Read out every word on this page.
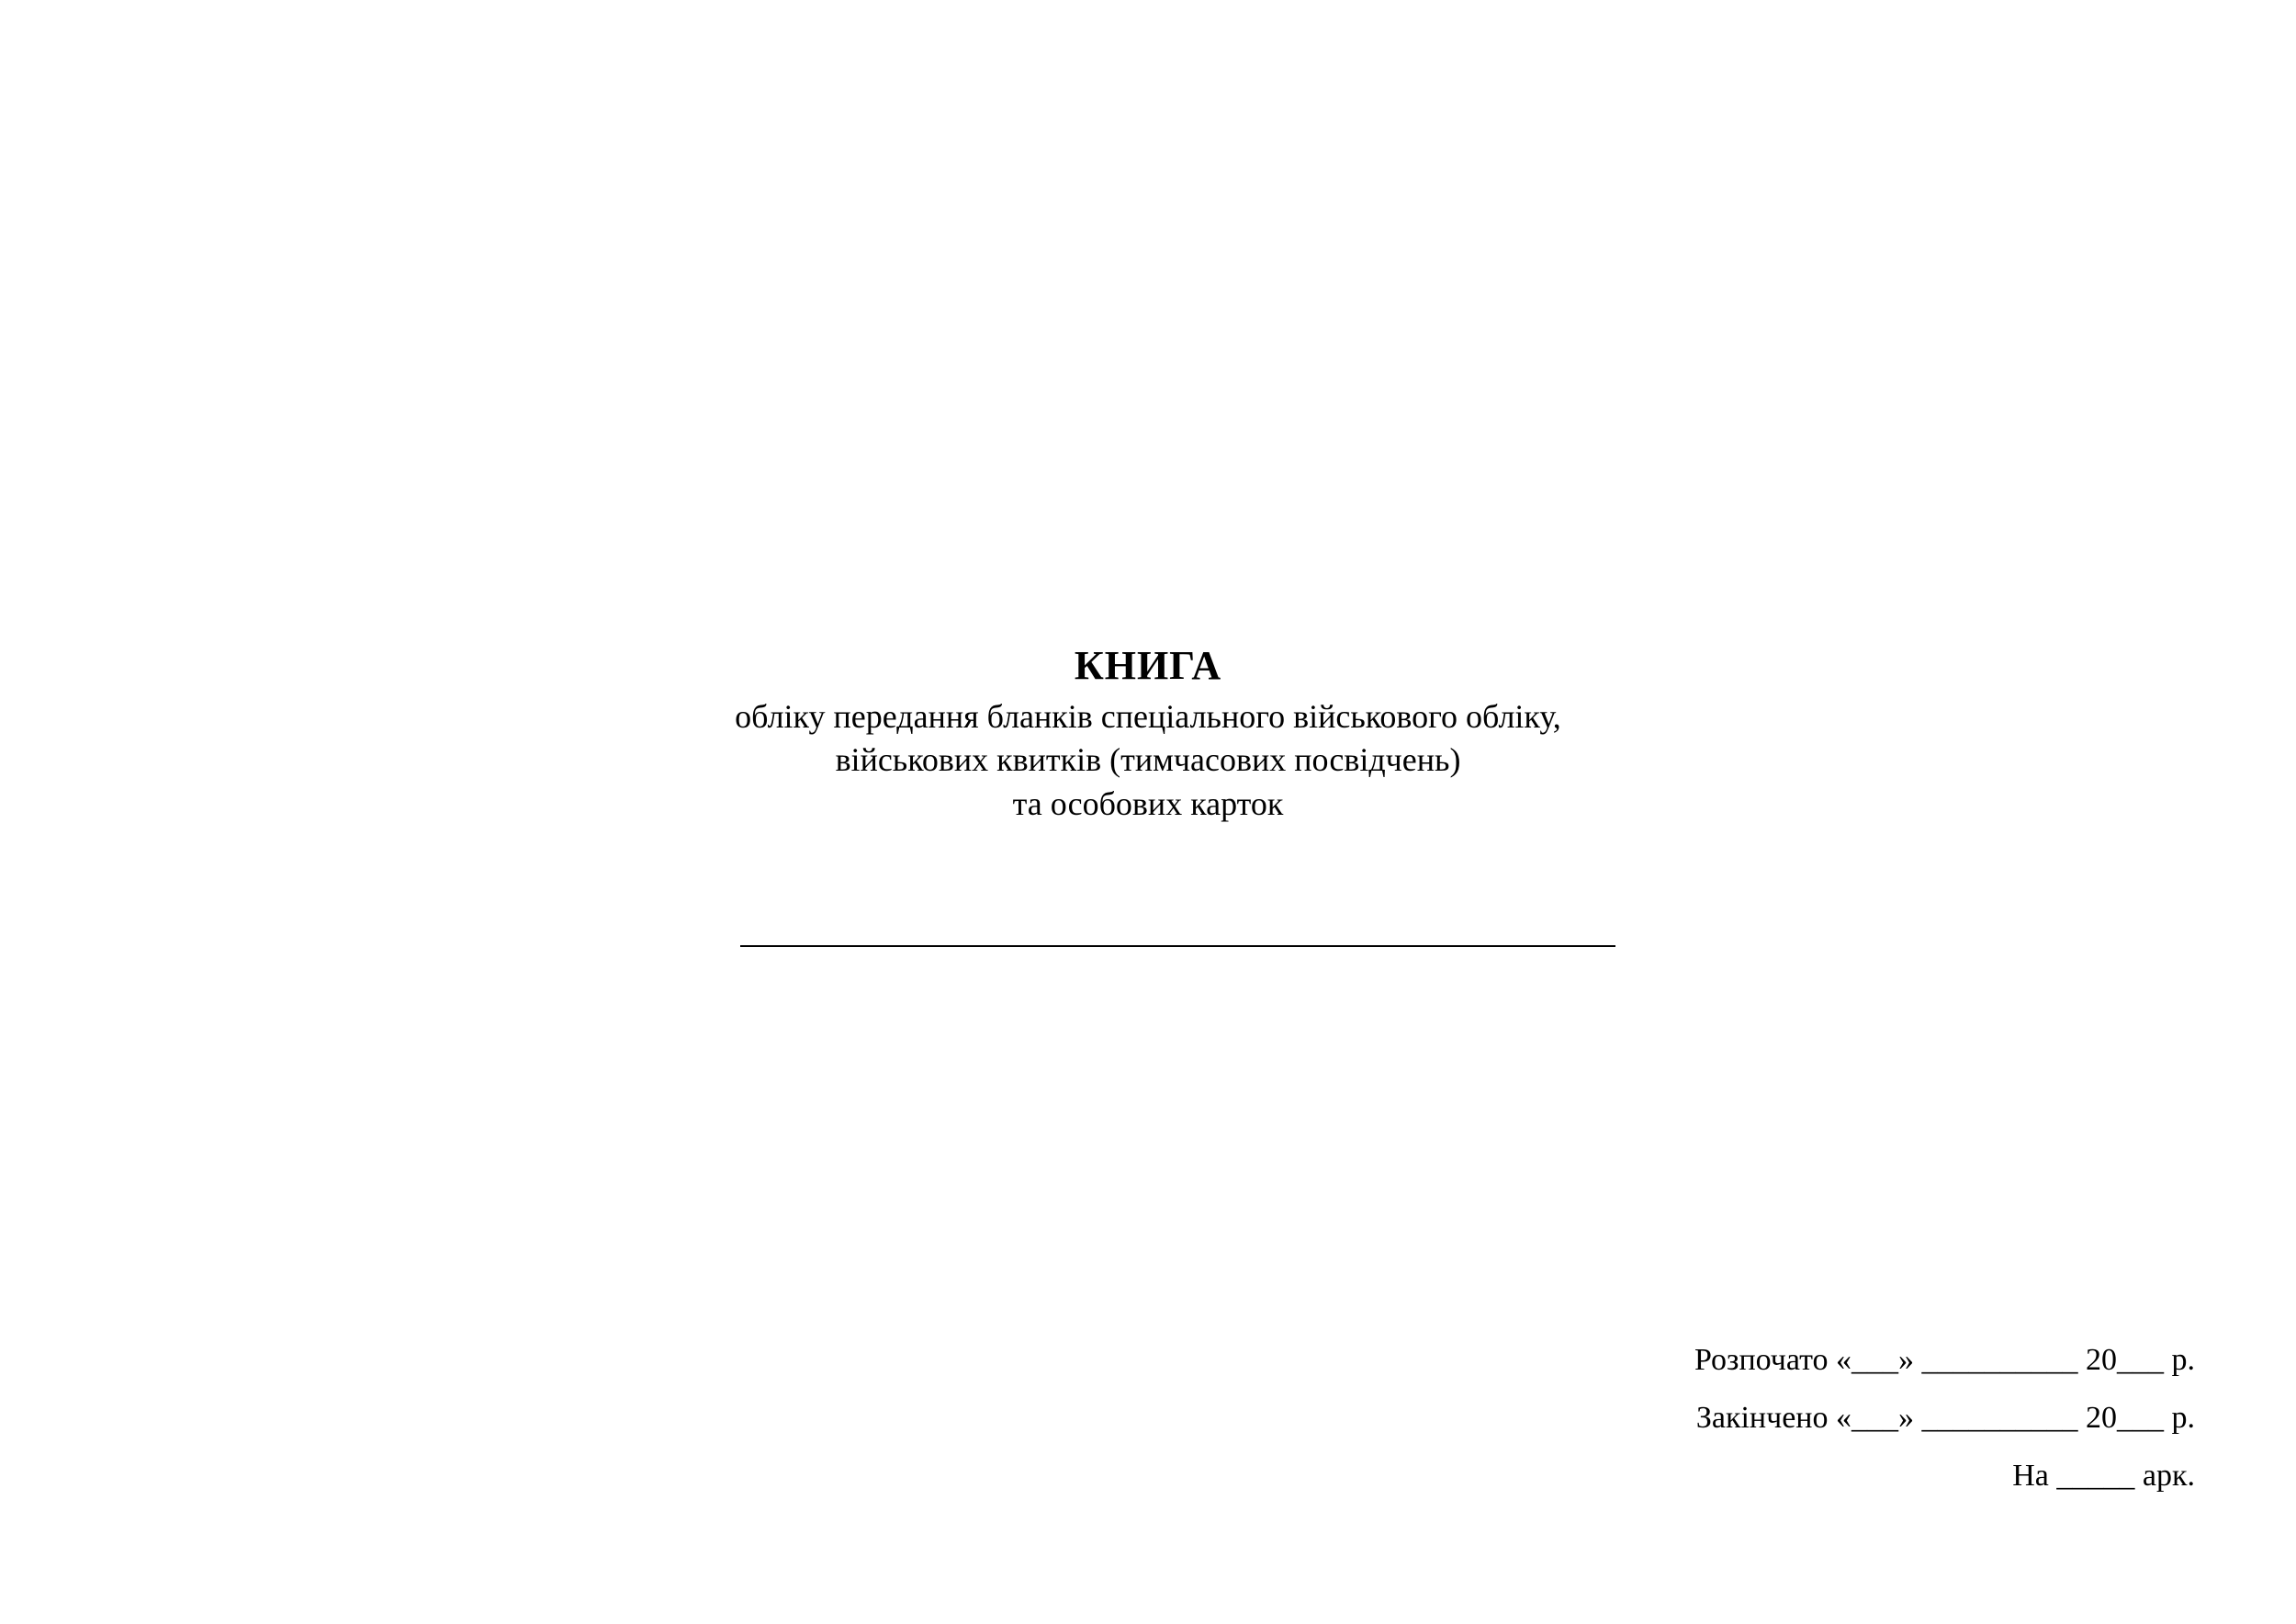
КНИГА
обліку передання бланків спеціального військового обліку,
військових квитків (тимчасових посвідчень)
та особових карток
Розпочато «___» __________ 20___ р.
Закінчено «___» __________ 20___ р.
На _____ арк.
